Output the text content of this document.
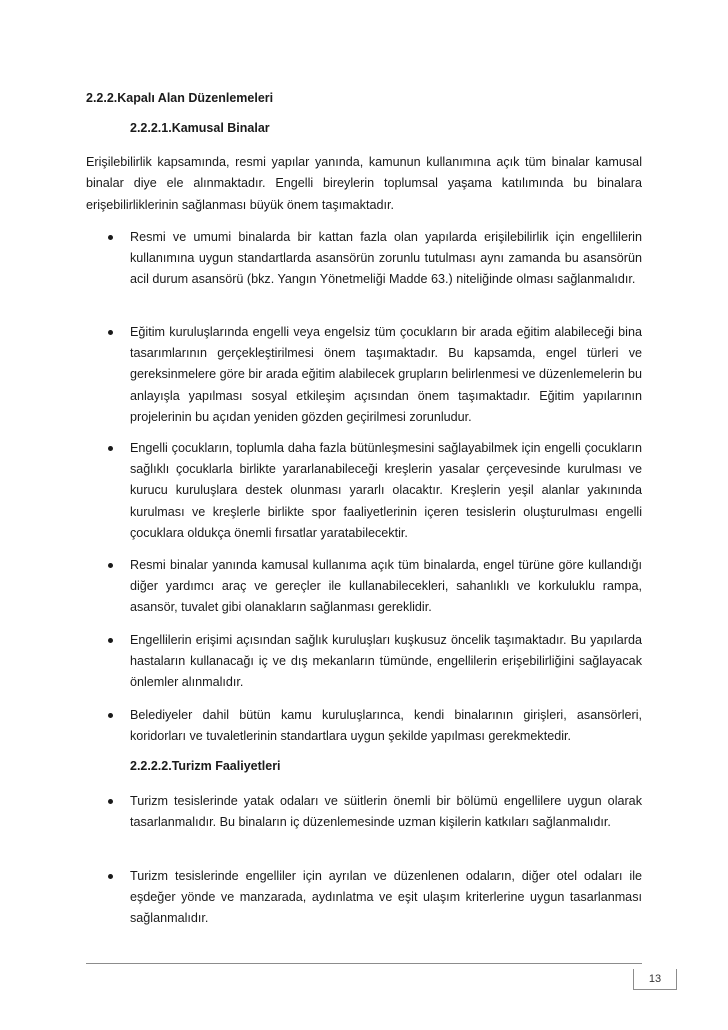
2.2.2.Kapalı Alan Düzenlemeleri
2.2.2.1.Kamusal Binalar
Erişilebilirlik kapsamında, resmi yapılar yanında, kamunun kullanımına açık tüm binalar kamusal binalar diye ele alınmaktadır. Engelli bireylerin toplumsal yaşama katılımında bu binalara erişebilirliklerinin sağlanması büyük önem taşımaktadır.
Resmi ve umumi binalarda bir kattan fazla olan yapılarda erişilebilirlik için engellilerin kullanımına uygun standartlarda asansörün zorunlu tutulması aynı zamanda bu asansörün acil durum asansörü (bkz. Yangın Yönetmeliği Madde 63.) niteliğinde olması sağlanmalıdır.
Eğitim kuruluşlarında engelli veya engelsiz tüm çocukların bir arada eğitim alabileceği bina tasarımlarının gerçekleştirilmesi önem taşımaktadır. Bu kapsamda, engel türleri ve gereksinmelere göre bir arada eğitim alabilecek grupların belirlenmesi ve düzenlemelerin bu anlayışla yapılması sosyal etkileşim açısından önem taşımaktadır. Eğitim yapılarının projelerinin bu açıdan yeniden gözden geçirilmesi zorunludur.
Engelli çocukların, toplumla daha fazla bütünleşmesini sağlayabilmek için engelli çocukların sağlıklı çocuklarla birlikte yararlanabileceği kreşlerin yasalar çerçevesinde kurulması ve kurucu kuruluşlara destek olunması yararlı olacaktır. Kreşlerin yeşil alanlar yakınında kurulması ve kreşlerle birlikte spor faaliyetlerinin içeren tesislerin oluşturulması engelli çocuklara oldukça önemli fırsatlar yaratabilecektir.
Resmi binalar yanında kamusal kullanıma açık tüm binalarda, engel türüne göre kullandığı diğer yardımcı araç ve gereçler ile kullanabilecekleri, sahanlıklı ve korkuluklu rampa, asansör, tuvalet gibi olanakların sağlanması gereklidir.
Engellilerin erişimi açısından sağlık kuruluşları kuşkusuz öncelik taşımaktadır. Bu yapılarda hastaların kullanacağı iç ve dış mekanların tümünde, engellilerin erişebilirliğini sağlayacak önlemler alınmalıdır.
Belediyeler dahil bütün kamu kuruluşlarınca, kendi binalarının girişleri, asansörleri, koridorları ve tuvaletlerinin standartlara uygun şekilde yapılması gerekmektedir.
2.2.2.2.Turizm Faaliyetleri
Turizm tesislerinde yatak odaları ve süitlerin önemli bir bölümü engellilere uygun olarak tasarlanmalıdır. Bu binaların iç düzenlemesinde uzman kişilerin katkıları sağlanmalıdır.
Turizm tesislerinde engelliler için ayrılan ve düzenlenen odaların, diğer otel odaları ile eşdeğer yönde ve manzarada, aydınlatma ve eşit ulaşım kriterlerine uygun tasarlanması sağlanmalıdır.
13
